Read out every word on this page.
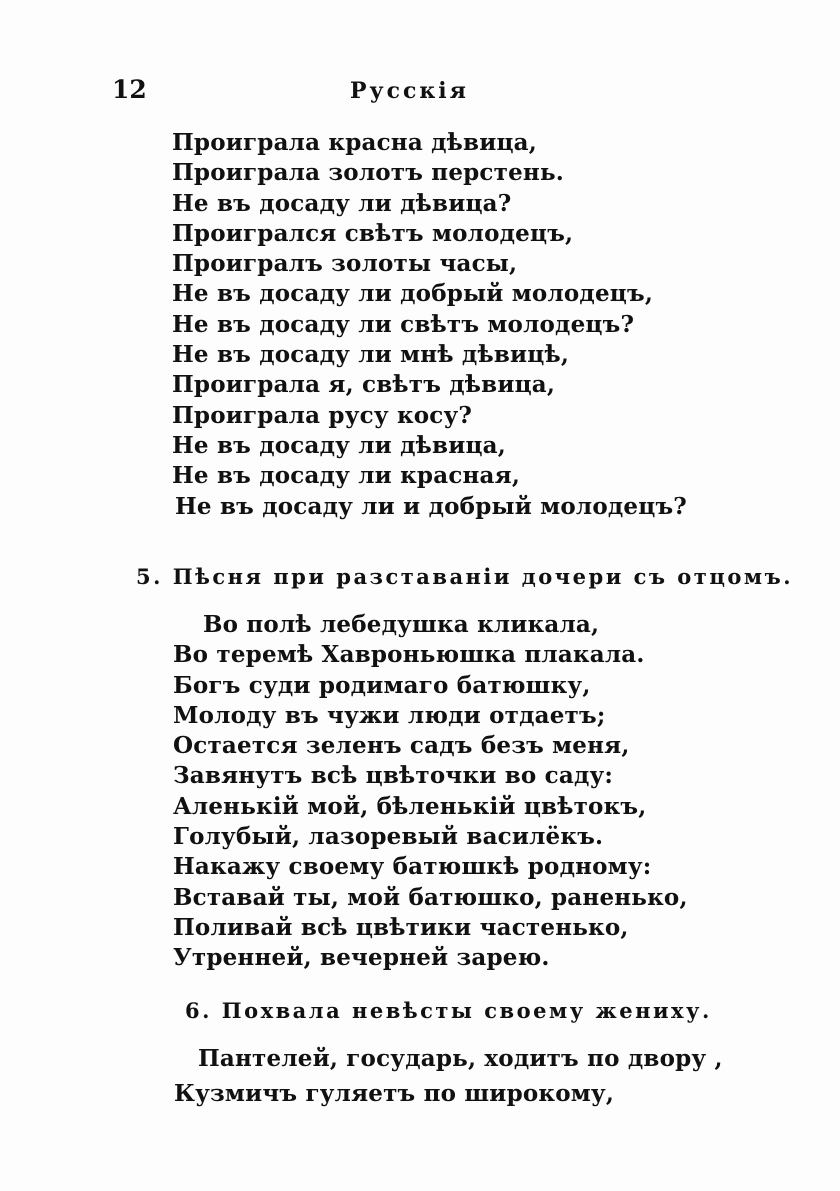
12	Русскія
Проиграла красна дѣвица,
Проиграла золотъ перстень.
Не въ досаду ли дѣвица?
Проигрался свѣтъ молодецъ,
Проигралъ золоты часы,
Не въ досаду ли добрый молодецъ,
Не въ досаду ли свѣтъ молодецъ?
Не въ досаду ли мнѣ дѣвицѣ,
Проиграла я, свѣтъ дѣвица,
Проиграла русу косу?
Не въ досаду ли дѣвица,
Не въ досаду ли красная,
Не въ досаду ли и добрый молодецъ?
5. Пѣсня при разставаніи дочери съ отцомъ.
Во полѣ лебедушка кликала,
Во теремѣ Хавроньюшка плакала.
Богъ суди родимаго батюшку,
Молоду въ чужи люди отдаетъ;
Остается зеленъ садъ безъ меня,
Завянутъ всѣ цвѣточки во саду:
Аленькій мой, бѣленькій цвѣтокъ,
Голубый, лазоревый василёкъ.
Накажу своему батюшкѣ родному:
Вставай ты, мой батюшко, раненько,
Поливай всѣ цвѣтики частенько,
Утренней, вечерней зарею.
6. Похвала невѣсты своему жениху.
Пантелей, государь, ходитъ по двору ,
Кузмичъ гуляетъ по широкому,
